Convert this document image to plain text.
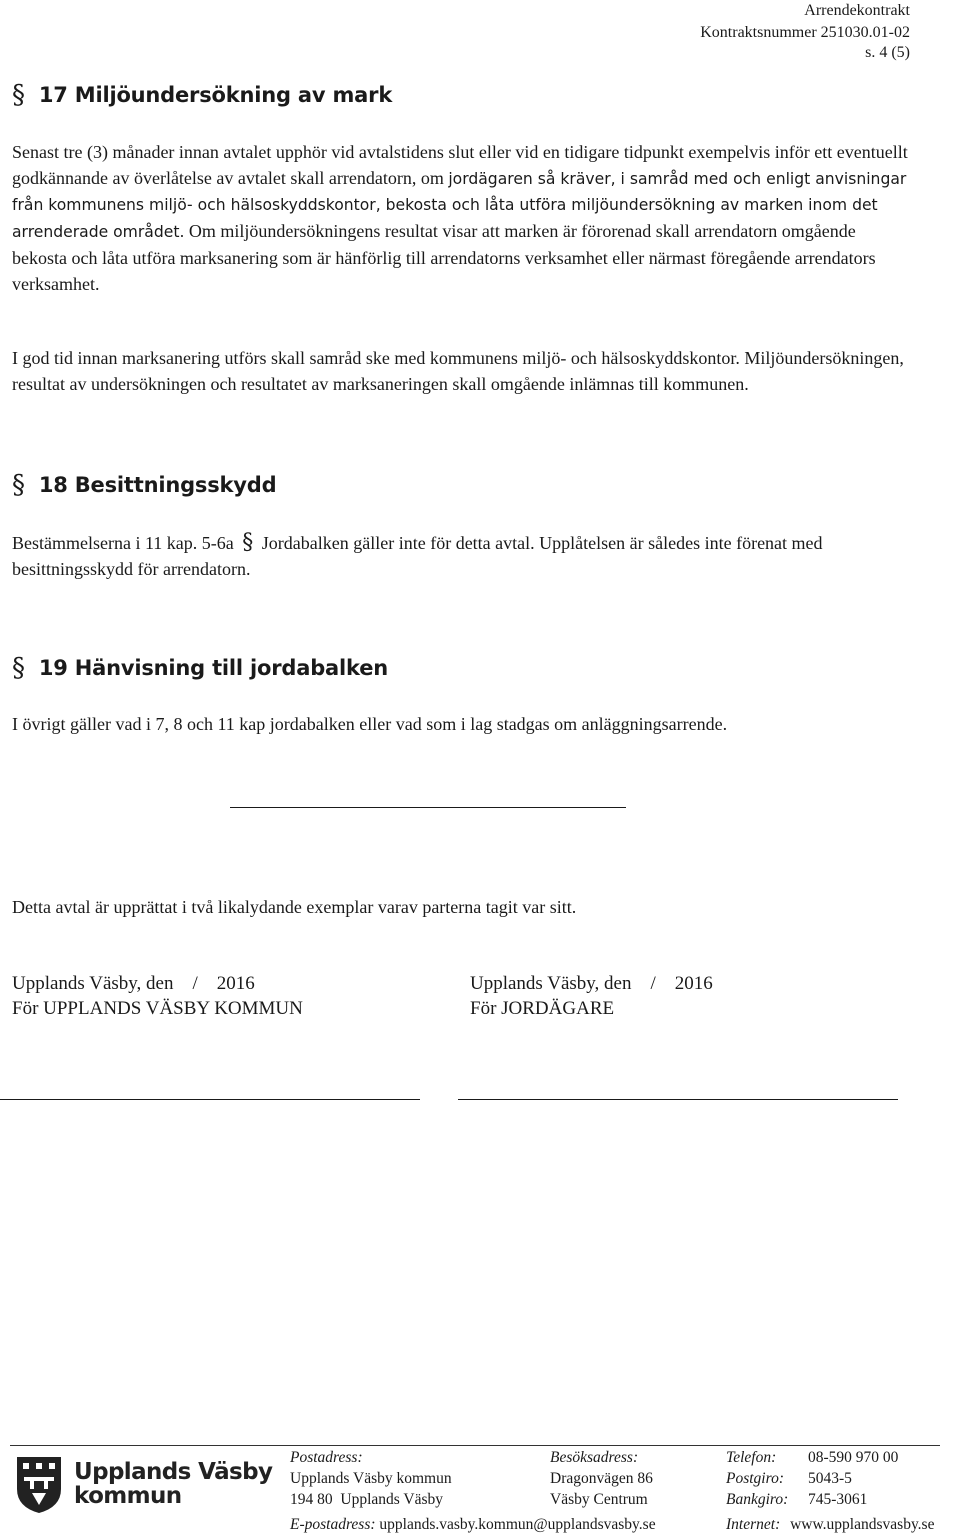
Arrendekontrakt
Kontraktsnummer 251030.01-02
s. 4 (5)
§ 17 Miljöundersökning av mark

Senast tre (3) månader innan avtalet upphör vid avtalstidens slut eller vid en tidigare tidpunkt exempelvis inför ett eventuellt godkännande av överlåtelse av avtalet skall arrendatorn, om jordägaren så kräver, i samråd med och enligt anvisningar från kommunens miljö- och hälsoskyddskontor, bekosta och låta utföra miljöundersökning av marken inom det arrenderade området. Om miljöundersökningens resultat visar att marken är förorenad skall arrendatorn omgående bekosta och låta utföra marksanering som är hänförlig till arrendatorns verksamhet eller närmast föregående arrendators verksamhet.

I god tid innan marksanering utförs skall samråd ske med kommunens miljö- och hälsoskyddskontor. Miljöundersökningen, resultat av undersökningen och resultatet av marksaneringen skall omgående inlämnas till kommunen.

§ 18 Besittningsskydd

Bestämmelserna i 11 kap. 5-6a § Jordabalken gäller inte för detta avtal. Upplåtelsen är således inte förenat med besittningsskydd för arrendatorn.

§ 19 Hänvisning till jordabalken

I övrigt gäller vad i 7, 8 och 11 kap jordabalken eller vad som i lag stadgas om anläggningsarrende.

Detta avtal är upprättat i två likalydande exemplar varav parterna tagit var sitt.

Upplands Väsby, den    /    2016
För UPPLANDS VÄSBY KOMMUN
Upplands Väsby, den    /    2016
För JORDÄGARE
Upplands Väsby
kommun
Postadress:
Upplands Väsby kommun
194 80  Upplands Väsby
Besöksadress:
Dragonvägen 86
Väsby Centrum
Telefon:
Postgiro:
Bankgiro:
08-590 970 00
5043-5
745-3061
E-postadress: upplands.vasby.kommun@upplandsvasby.se	Internet: www.upplandsvasby.se
